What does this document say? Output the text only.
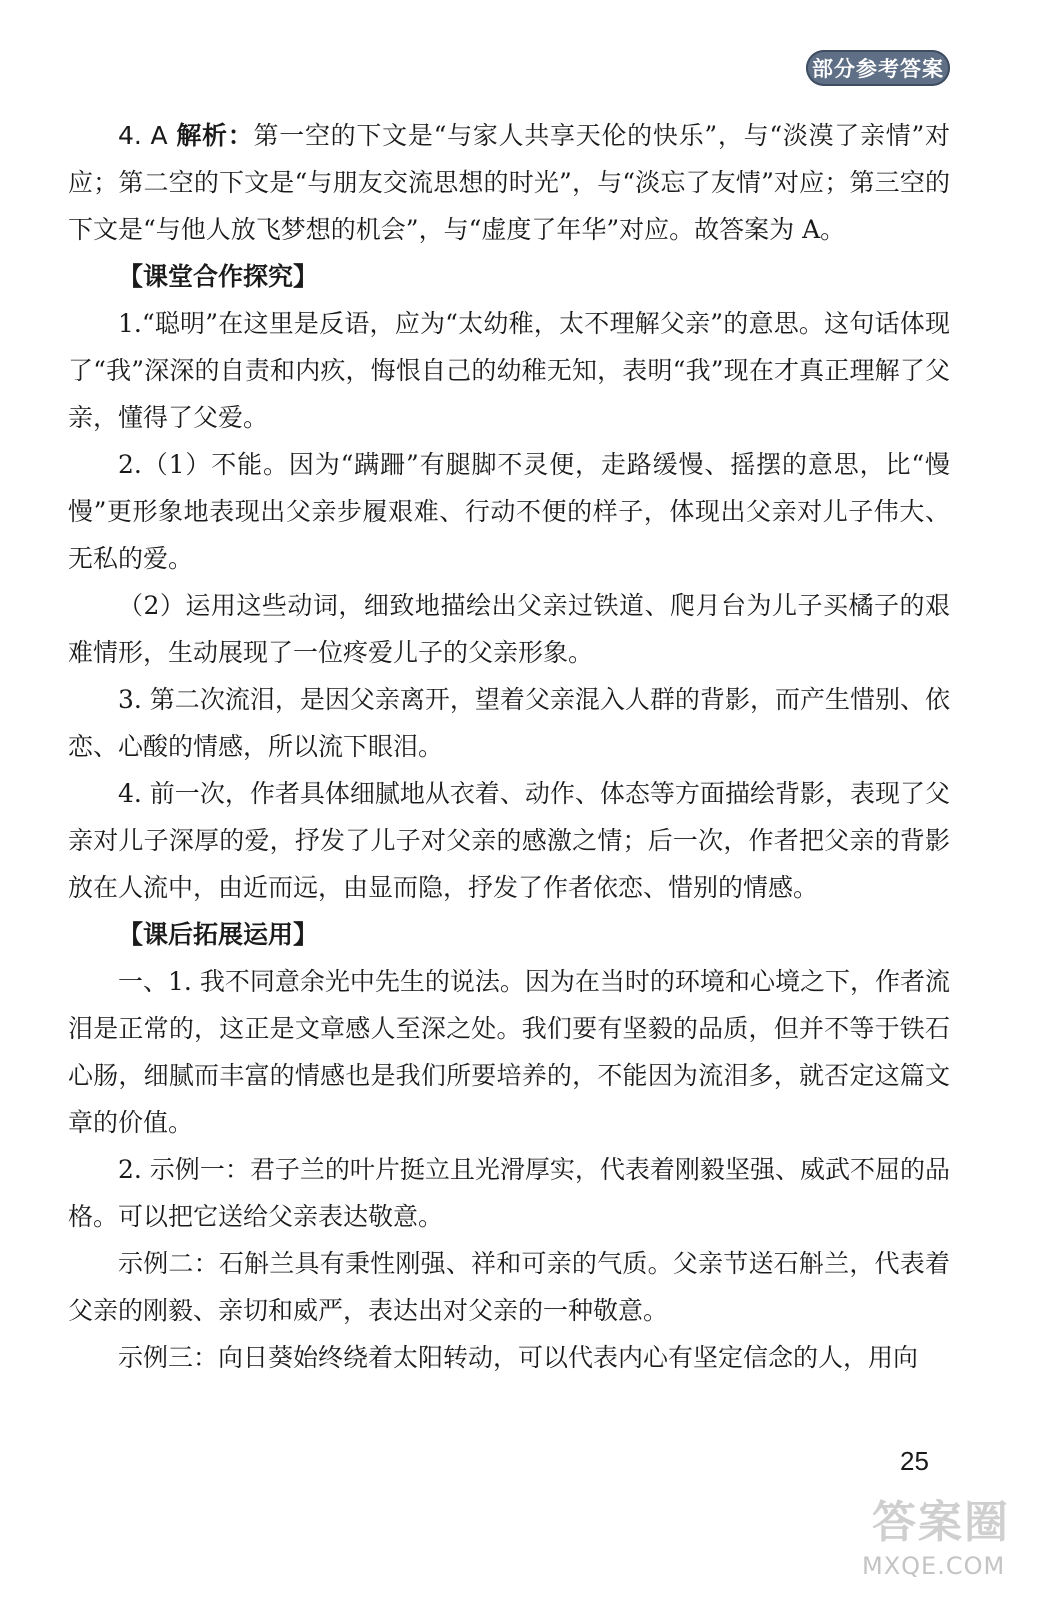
部分参考答案

4. A 解析：第一空的下文是“与家人共享天伦的快乐”，与“淡漠了亲情”对应；第二空的下文是“与朋友交流思想的时光”，与“淡忘了友情”对应；第三空的下文是“与他人放飞梦想的机会”，与“虚度了年华”对应。故答案为 A。

【课堂合作探究】

1.“聪明”在这里是反语，应为“太幼稚，太不理解父亲”的意思。这句话体现了“我”深深的自责和内疚，悔恨自己的幼稚无知，表明“我”现在才真正理解了父亲，懂得了父爱。

2.（1）不能。因为“蹒跚”有腿脚不灵便，走路缓慢、摇摆的意思，比“慢慢”更形象地表现出父亲步履艰难、行动不便的样子，体现出父亲对儿子伟大、无私的爱。

（2）运用这些动词，细致地描绘出父亲过铁道、爬月台为儿子买橘子的艰难情形，生动展现了一位疼爱儿子的父亲形象。

3. 第二次流泪，是因父亲离开，望着父亲混入人群的背影，而产生惜别、依恋、心酸的情感，所以流下眼泪。

4. 前一次，作者具体细腻地从衣着、动作、体态等方面描绘背影，表现了父亲对儿子深厚的爱，抒发了儿子对父亲的感激之情；后一次，作者把父亲的背影放在人流中，由近而远，由显而隐，抒发了作者依恋、惜别的情感。

【课后拓展运用】

一、1. 我不同意余光中先生的说法。因为在当时的环境和心境之下，作者流泪是正常的，这正是文章感人至深之处。我们要有坚毅的品质，但并不等于铁石心肠，细腻而丰富的情感也是我们所要培养的，不能因为流泪多，就否定这篇文章的价值。

2. 示例一：君子兰的叶片挺立且光滑厚实，代表着刚毅坚强、威武不屈的品格。可以把它送给父亲表达敬意。

示例二：石斛兰具有秉性刚强、祥和可亲的气质。父亲节送石斛兰，代表着父亲的刚毅、亲切和威严，表达出对父亲的一种敬意。

示例三：向日葵始终绕着太阳转动，可以代表内心有坚定信念的人，用向

25
答案圈
MXQE.COM
